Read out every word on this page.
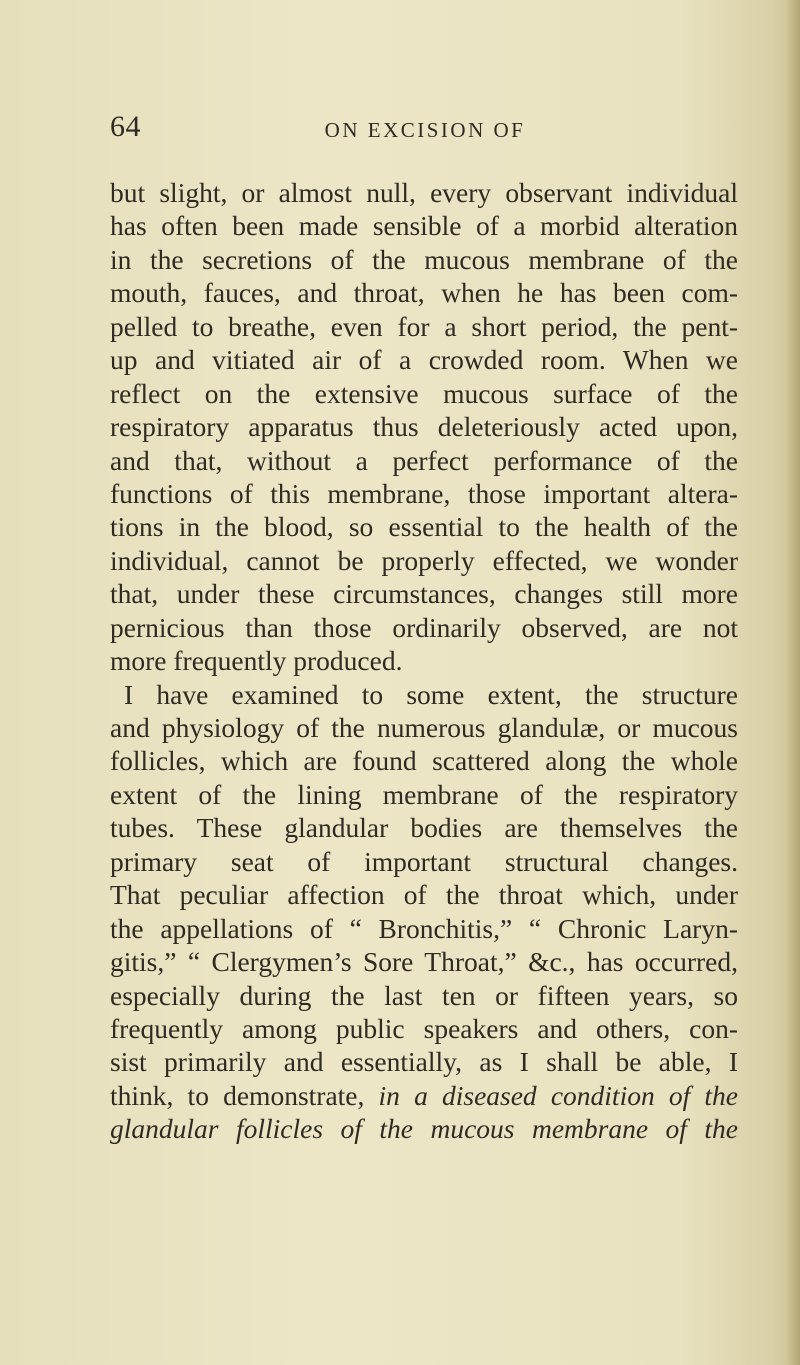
64	ON EXCISION OF
but slight, or almost null, every observant individual
has often been made sensible of a morbid alteration
in the secretions of the mucous membrane of the
mouth, fauces, and throat, when he has been com-
pelled to breathe, even for a short period, the pent-
up and vitiated air of a crowded room. When we
reflect on the extensive mucous surface of the
respiratory apparatus thus deleteriously acted upon,
and that, without a perfect performance of the
functions of this membrane, those important altera-
tions in the blood, so essential to the health of the
individual, cannot be properly effected, we wonder
that, under these circumstances, changes still more
pernicious than those ordinarily observed, are not
more frequently produced.
I have examined to some extent, the structure
and physiology of the numerous glandulæ, or mucous
follicles, which are found scattered along the whole
extent of the lining membrane of the respiratory
tubes. These glandular bodies are themselves the
primary seat of important structural changes.
That peculiar affection of the throat which, under
the appellations of “ Bronchitis,” “ Chronic Laryn-
gitis,” “ Clergymen’s Sore Throat,” &c., has occurred,
especially during the last ten or fifteen years, so
frequently among public speakers and others, con-
sist primarily and essentially, as I shall be able, I
think, to demonstrate, in a diseased condition of the
glandular follicles of the mucous membrane of the
